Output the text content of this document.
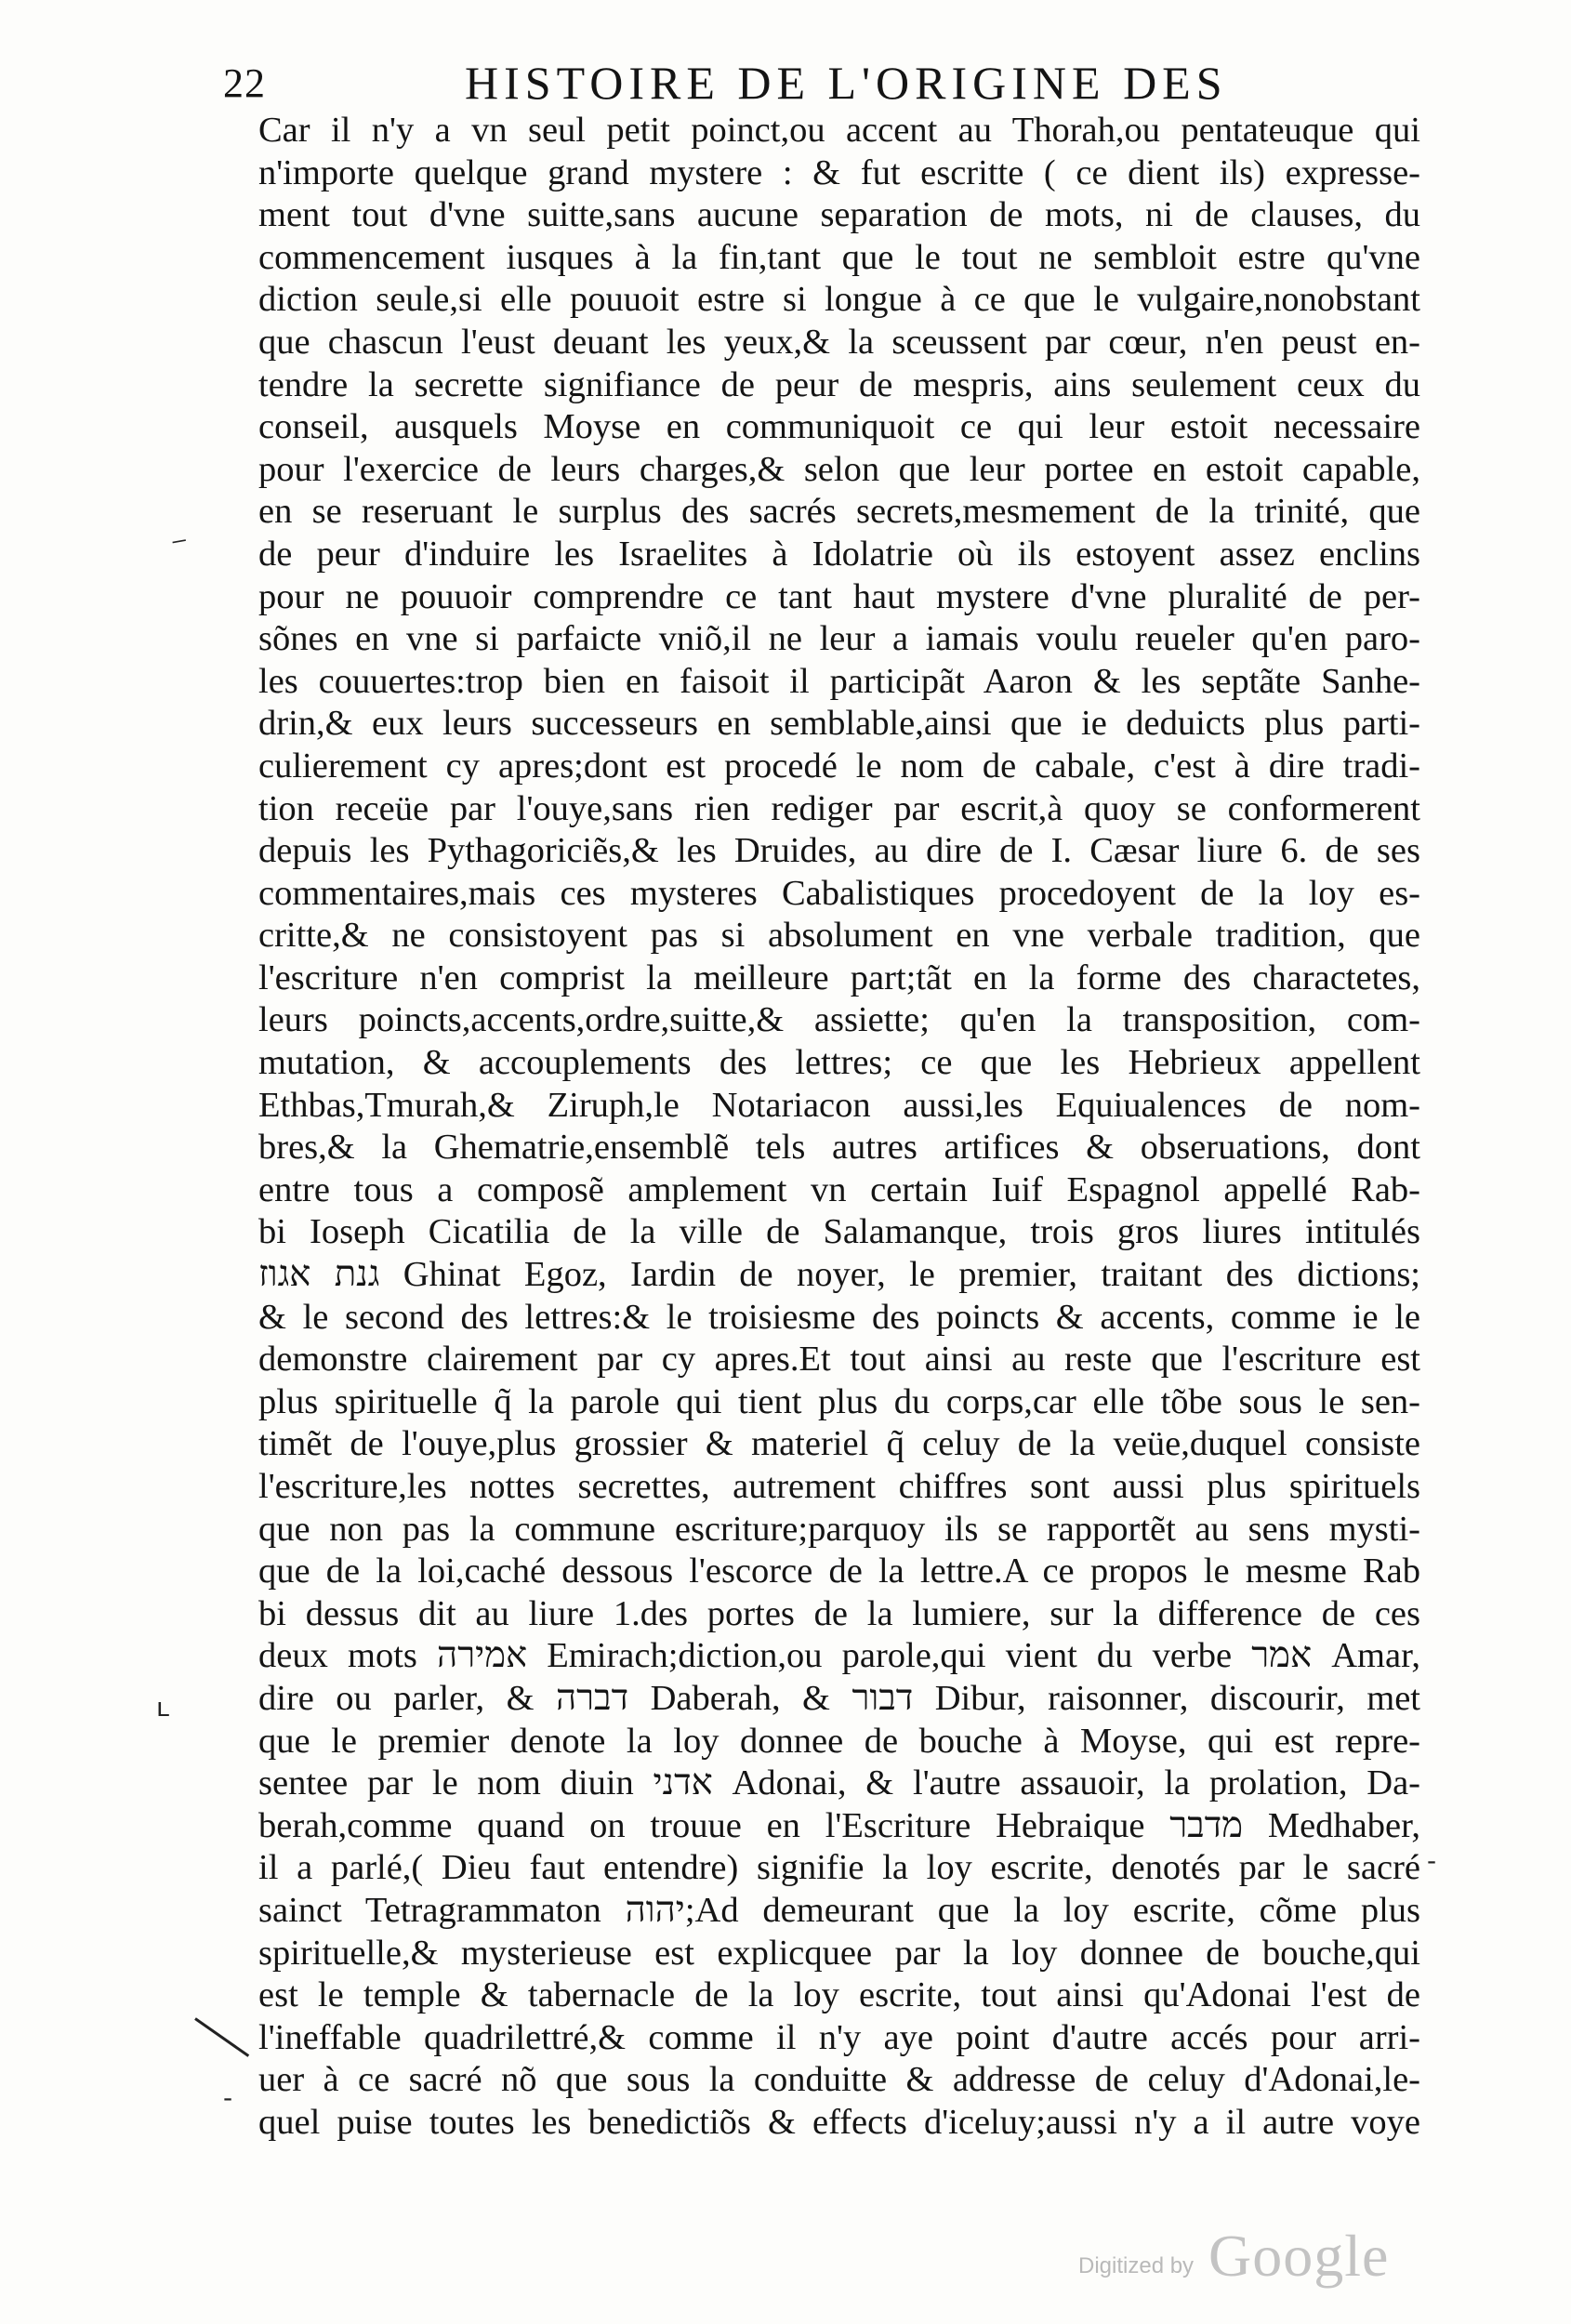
22	HISTOIRE DE L'ORIGINE DES
Car il n'y a vn seul petit poinct,ou accent au Thorah,ou pentateuque qui
n'importe quelque grand mystere : & fut escritte ( ce dient ils) expresse-
ment tout d'vne suitte,sans aucune separation de mots, ni de clauses, du
commencement iusques à la fin,tant que le tout ne sembloit estre qu'vne
diction seule,si elle pouuoit estre si longue à ce que le vulgaire,nonobstant
que chascun l'eust deuant les yeux,& la sceussent par cœur, n'en peust en-
tendre la secrette signifiance de peur de mespris, ains seulement ceux du
conseil, ausquels Moyse en communiquoit ce qui leur estoit necessaire
pour l'exercice de leurs charges,& selon que leur portee en estoit capable,
en se reseruant le surplus des sacrés secrets,mesmement de la trinité, que
de peur d'induire les Israelites à Idolatrie où ils estoyent assez enclins
pour ne pouuoir comprendre ce tant haut mystere d'vne pluralité de per-
sõnes en vne si parfaicte vniõ,il ne leur a iamais voulu reueler qu'en paro-
les couuertes:trop bien en faisoit il participãt Aaron & les septãte Sanhe-
drin,& eux leurs successeurs en semblable,ainsi que ie deduicts plus parti-
culierement cy apres;dont est procedé le nom de cabale, c'est à dire tradi-
tion receüe par l'ouye,sans rien rediger par escrit,à quoy se conformerent
depuis les Pythagoriciẽs,& les Druides, au dire de I. Cæsar liure 6. de ses
commentaires,mais ces mysteres Cabalistiques procedoyent de la loy es-
critte,& ne consistoyent pas si absolument en vne verbale tradition, que
l'escriture n'en comprist la meilleure part;tãt en la forme des charactetes,
leurs poincts,accents,ordre,suitte,& assiette; qu'en la transposition, com-
mutation, & accouplements des lettres; ce que les Hebrieux appellent
Ethbas,Tmurah,& Ziruph,le Notariacon aussi,les Equiualences de nom-
bres,& la Ghematrie,ensemblẽ tels autres artifices & obseruations, dont
entre tous a composẽ amplement vn certain Iuif Espagnol appellé Rab-
bi Ioseph Cicatilia de la ville de Salamanque, trois gros liures intitulés
גנת אגוז Ghinat Egoz, Iardin de noyer, le premier, traitant des dictions;
& le second des lettres:& le troisiesme des poincts & accents, comme ie le
demonstre clairement par cy apres.Et tout ainsi au reste que l'escriture est
plus spirituelle q̃ la parole qui tient plus du corps,car elle tõbe sous le sen-
timẽt de l'ouye,plus grossier & materiel q̃ celuy de la veüe,duquel consiste
l'escriture,les nottes secrettes, autrement chiffres sont aussi plus spirituels
que non pas la commune escriture;parquoy ils se rapportẽt au sens mysti-
que de la loi,caché dessous l'escorce de la lettre.A ce propos le mesme Rab
bi dessus dit au liure 1.des portes de la lumiere, sur la difference de ces
deux mots אמירה Emirach;diction,ou parole,qui vient du verbe אמר Amar,
dire ou parler, & דברה Daberah, & דבור Dibur, raisonner, discourir, met
que le premier denote la loy donnee de bouche à Moyse, qui est repre-
sentee par le nom diuin אדני Adonai, & l'autre assauoir, la prolation, Da-
berah,comme quand on trouue en l'Escriture Hebraique מדבר Medhaber,
il a parlé,( Dieu faut entendre) signifie la loy escrite, denotés par le sacré
sainct Tetragrammaton יהוה;Ad demeurant que la loy escrite, cõme plus
spirituelle,& mysterieuse est explicquee par la loy donnee de bouche,qui
est le temple & tabernacle de la loy escrite, tout ainsi qu'Adonai l'est de
l'ineffable quadrilettré,& comme il n'y aye point d'autre accés pour arri-
uer à ce sacré nõ que sous la conduitte & addresse de celuy d'Adonai,le-
quel puise toutes les benedictiõs & effects d'iceluy;aussi n'y a il autre voye
⸝
ʟ
-
-
Digitized by Google
